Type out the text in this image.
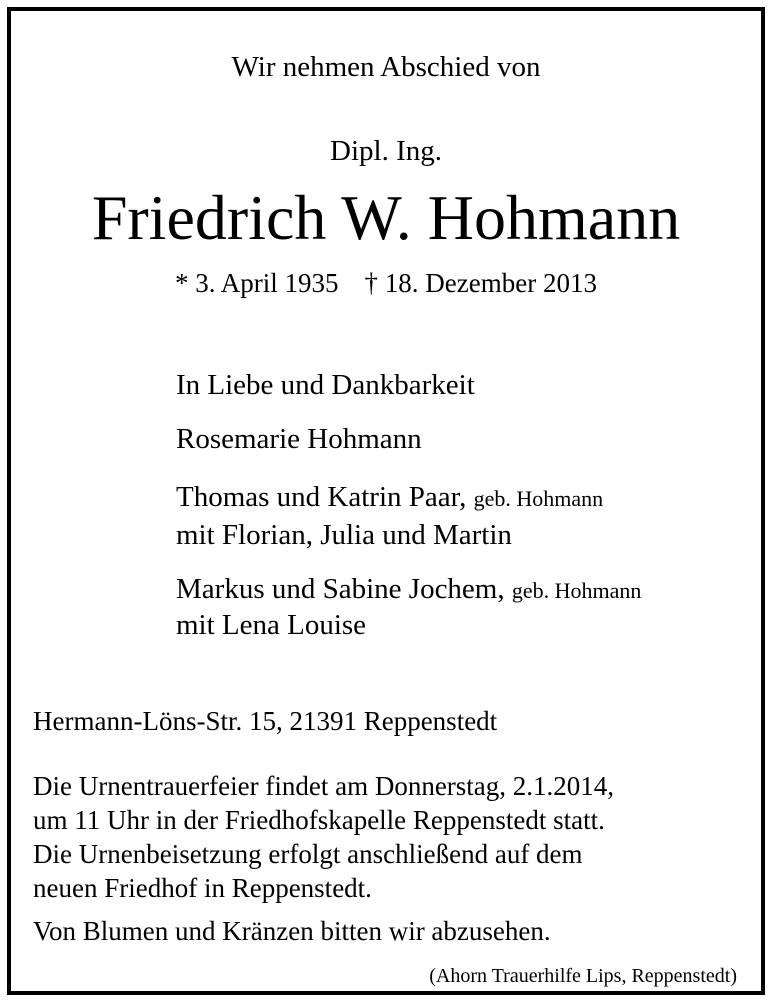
Wir nehmen Abschied von

Dipl. Ing.

Friedrich W. Hohmann

* 3. April 1935 † 18. Dezember 2013

In Liebe und Dankbarkeit

Rosemarie Hohmann

Thomas und Katrin Paar, geb. Hohmann

mit Florian, Julia und Martin

Markus und Sabine Jochem, geb. Hohmann

mit Lena Louise

Hermann-Löns-Str. 15, 21391 Reppenstedt

Die Urnentrauerfeier findet am Donnerstag, 2.1.2014,

um 11 Uhr in der Friedhofskapelle Reppenstedt statt.

Die Urnenbeisetzung erfolgt anschließend auf dem

neuen Friedhof in Reppenstedt.

Von Blumen und Kränzen bitten wir abzusehen.

(Ahorn Trauerhilfe Lips, Reppenstedt)
